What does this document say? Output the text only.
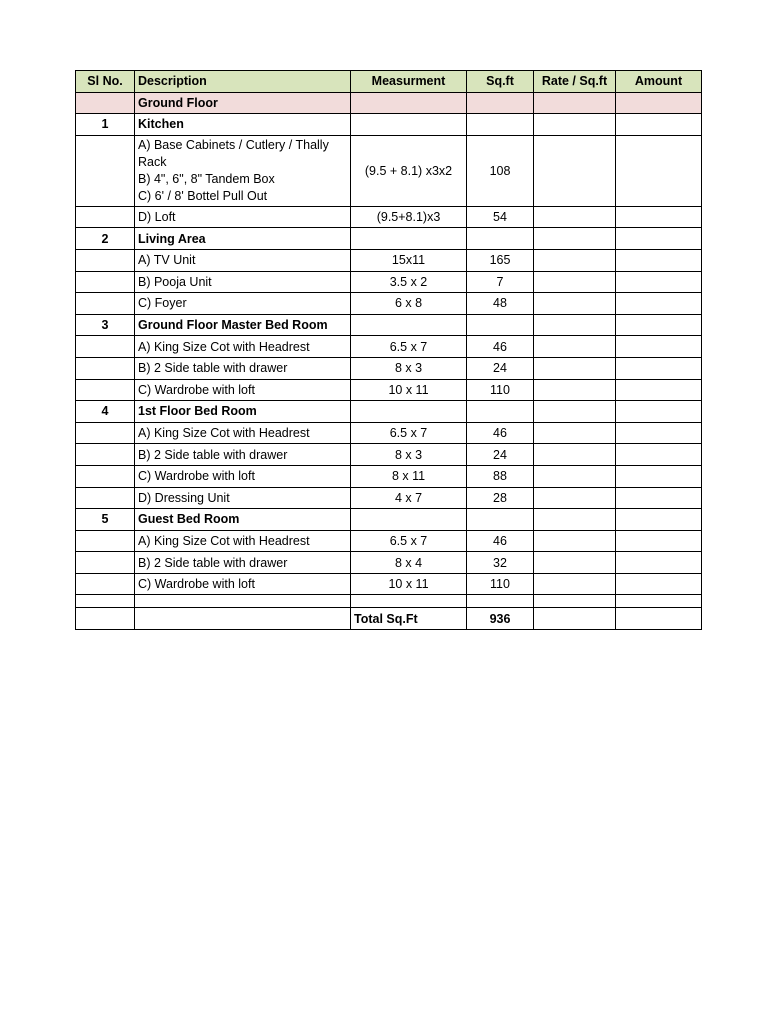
Sl No.	Description	Measurment	Sq.ft	Rate / Sq.ft	Amount
	Ground Floor				
1	Kitchen				

	A) Base Cabinets / Cutlery / Thally Rack
B) 4", 6", 8" Tandem Box
C) 6' / 8' Bottel Pull Out	(9.5 + 8.1) x3x2	108		

	D) Loft	(9.5+8.1)x3	54		
2	Living Area				

	A) TV Unit	15x11	165		

	B) Pooja Unit	3.5 x 2	7		

	C) Foyer	6 x 8	48		
3	Ground Floor Master Bed Room				

	A) King Size Cot with Headrest	6.5 x 7	46		

	B) 2 Side table with drawer	8 x 3	24		

	C) Wardrobe with loft	10 x 11	110		
4	1st Floor Bed Room				

	A) King Size Cot with Headrest	6.5 x 7	46		

	B) 2 Side table with drawer	8 x 3	24		

	C) Wardrobe with loft	8 x 11	88		

	D) Dressing Unit	4 x 7	28		
5	Guest Bed Room				

	A) King Size Cot with Headrest	6.5 x 7	46		

	B) 2 Side table with drawer	8 x 4	32		

	C) Wardrobe with loft	10 x 11	110		

		Total Sq.Ft	936		
